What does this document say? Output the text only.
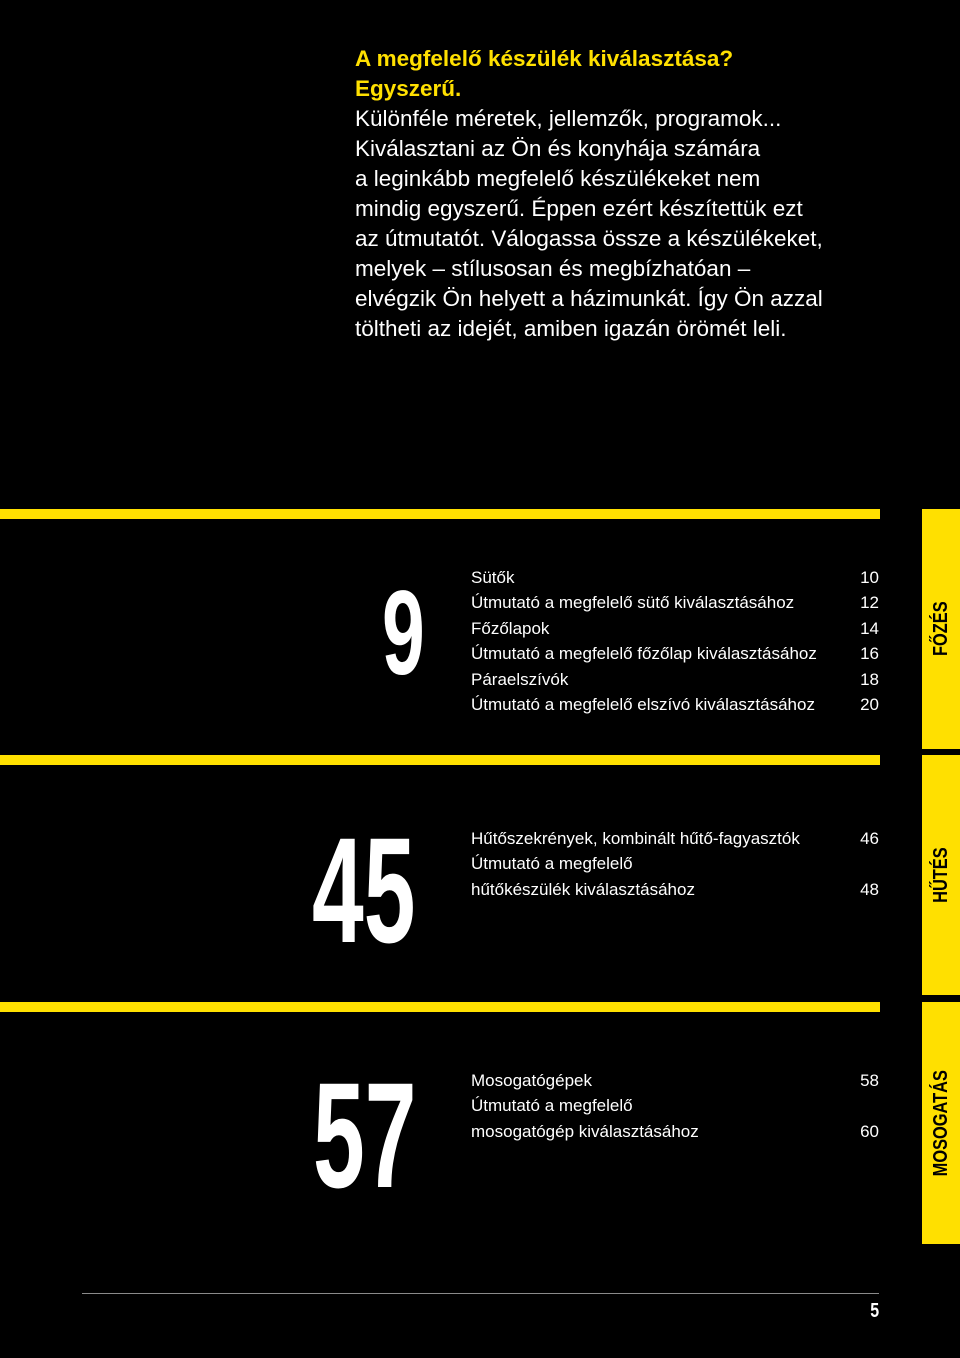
A megfelelő készülék kiválasztása?
Egyszerű.
Különféle méretek, jellemzők, programok...
Kiválasztani az Ön és konyhája számára
a leginkább megfelelő készülékeket nem
mindig egyszerű. Éppen ezért készítettük ezt
az útmutatót. Válogassa össze a készülékeket,
melyek – stílusosan és megbízhatóan –
elvégzik Ön helyett a házimunkát. Így Ön azzal
töltheti az idejét, amiben igazán örömét leli.
FŐZÉS
9	Sütők	10
Útmutató a megfelelő sütő kiválasztásához	12
Főzőlapok	14
Útmutató a megfelelő főzőlap kiválasztásához	16
Páraelszívók	18
Útmutató a megfelelő elszívó kiválasztásához	20
HŰTÉS
45	Hűtőszekrények, kombinált hűtő-fagyasztók	46
Útmutató a megfelelő
hűtőkészülék kiválasztásához	48
MOSOGATÁS
57	Mosogatógépek	58
Útmutató a megfelelő
mosogatógép kiválasztásához	60
5
